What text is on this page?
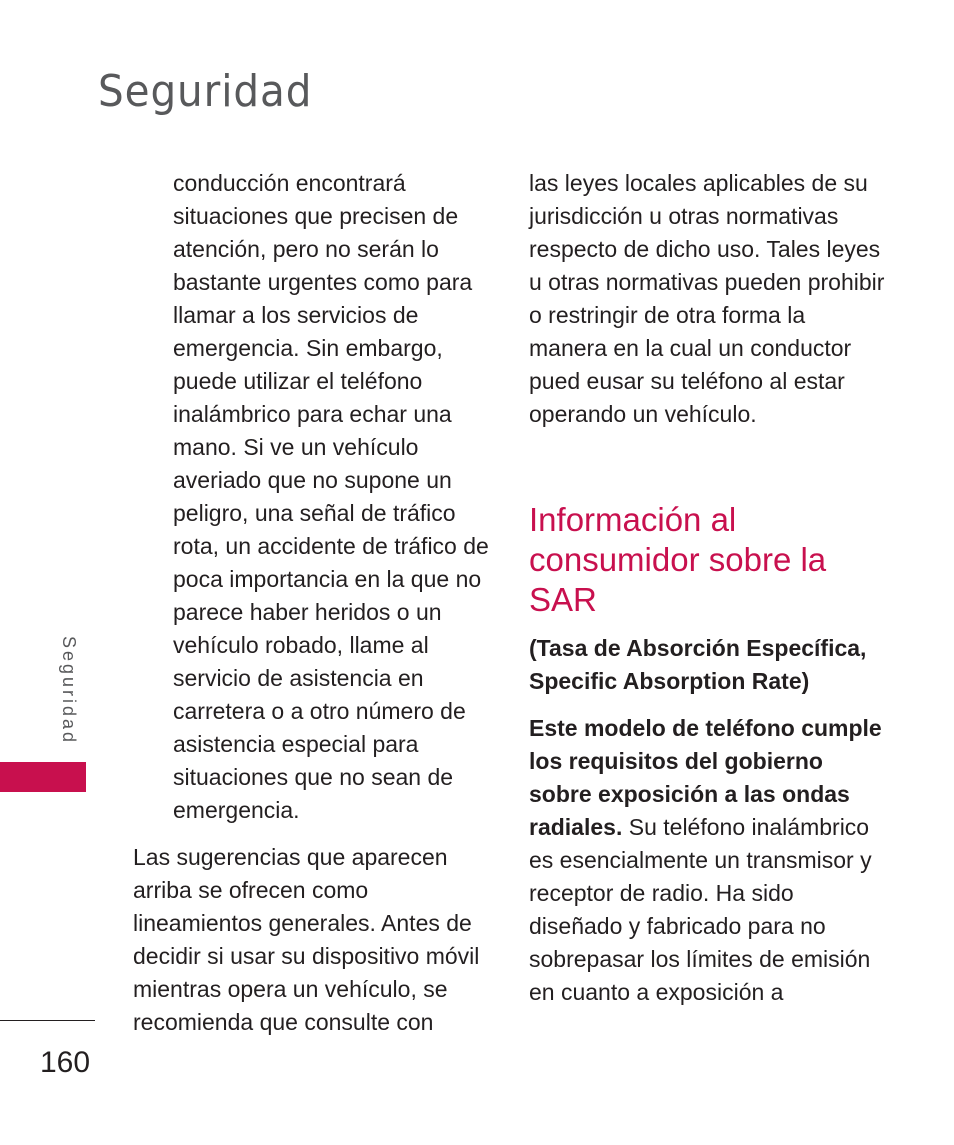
Seguridad
Seguridad

conducción encontrará situaciones que precisen de atención, pero no serán lo bastante urgentes como para llamar a los servicios de emergencia. Sin embargo, puede utilizar el teléfono inalámbrico para echar una mano. Si ve un vehículo averiado que no supone un peligro, una señal de tráfico rota, un accidente de tráfico de poca importancia en la que no parece haber heridos o un vehículo robado, llame al servicio de asistencia en carretera o a otro número de asistencia especial para situaciones que no sean de emergencia.

Las sugerencias que aparecen arriba se ofrecen como lineamientos generales. Antes de decidir si usar su dispositivo móvil mientras opera un vehículo, se recomienda que consulte con

las leyes locales aplicables de su jurisdicción u otras normativas respecto de dicho uso. Tales leyes u otras normativas pueden prohibir o restringir de otra forma la manera en la cual un conductor pued eusar su teléfono al estar operando un vehículo.

Información al consumidor sobre la SAR

(Tasa de Absorción Específica, Specific Absorption Rate)

Este modelo de teléfono cumple los requisitos del gobierno sobre exposición a las ondas radiales. Su teléfono inalámbrico es esencialmente un transmisor y receptor de radio. Ha sido diseñado y fabricado para no sobrepasar los límites de emisión en cuanto a exposición a

160
